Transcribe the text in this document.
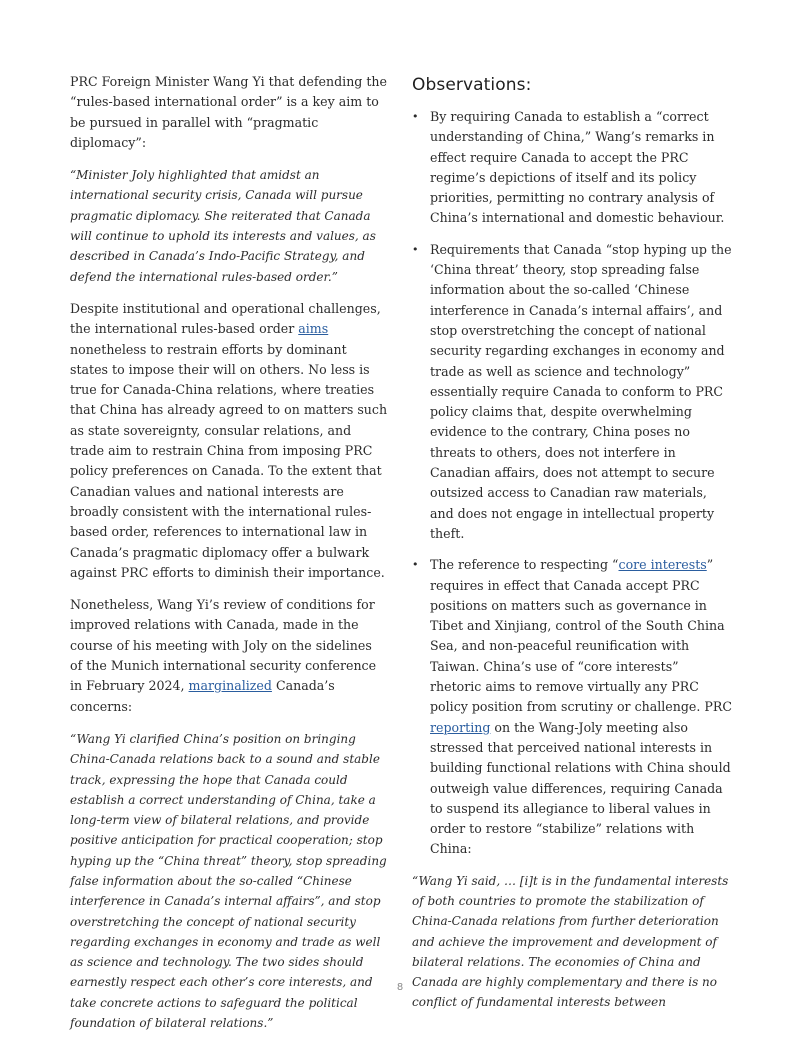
PRC Foreign Minister Wang Yi that defending the “rules-based international order” is a key aim to be pursued in parallel with “pragmatic diplomacy”:

“Minister Joly highlighted that amidst an international security crisis, Canada will pursue pragmatic diplomacy. She reiterated that Canada will continue to uphold its interests and values, as described in Canada’s Indo-Pacific Strategy, and defend the international rules-based order.”

Despite institutional and operational challenges, the international rules-based order aims nonetheless to restrain efforts by dominant states to impose their will on others. No less is true for Canada-China relations, where treaties that China has already agreed to on matters such as state sovereignty, consular relations, and trade aim to restrain China from imposing PRC policy preferences on Canada. To the extent that Canadian values and national interests are broadly consistent with the international rules-based order, references to international law in Canada’s pragmatic diplomacy offer a bulwark against PRC efforts to diminish their importance.

Nonetheless, Wang Yi’s review of conditions for improved relations with Canada, made in the course of his meeting with Joly on the sidelines of the Munich international security conference in February 2024, marginalized Canada’s concerns:

“Wang Yi clarified China’s position on bringing China-Canada relations back to a sound and stable track, expressing the hope that Canada could establish a correct understanding of China, take a long-term view of bilateral relations, and provide positive anticipation for practical cooperation; stop hyping up the “China threat” theory, stop spreading false information about the so-called “Chinese interference in Canada’s internal affairs”, and stop overstretching the concept of national security regarding exchanges in economy and trade as well as science and technology. The two sides should earnestly respect each other’s core interests, and take concrete actions to safeguard the political foundation of bilateral relations.”

Observations:
• By requiring Canada to establish a “correct understanding of China,” Wang’s remarks in effect require Canada to accept the PRC regime’s depictions of itself and its policy priorities, permitting no contrary analysis of China’s international and domestic behaviour.
• Requirements that Canada “stop hyping up the ‘China threat’ theory, stop spreading false information about the so-called ‘Chinese interference in Canada’s internal affairs’, and stop overstretching the concept of national security regarding exchanges in economy and trade as well as science and technology” essentially require Canada to conform to PRC policy claims that, despite overwhelming evidence to the contrary, China poses no threats to others, does not interfere in Canadian affairs, does not attempt to secure outsized access to Canadian raw materials, and does not engage in intellectual property theft.
• The reference to respecting “core interests” requires in effect that Canada accept PRC positions on matters such as governance in Tibet and Xinjiang, control of the South China Sea, and non-peaceful reunification with Taiwan. China’s use of “core interests” rhetoric aims to remove virtually any PRC policy position from scrutiny or challenge. PRC reporting on the Wang-Joly meeting also stressed that perceived national interests in building functional relations with China should outweigh value differences, requiring Canada to suspend its allegiance to liberal values in order to restore “stabilize” relations with China:

“Wang Yi said, … [i]t is in the fundamental interests of both countries to promote the stabilization of China-Canada relations from further deterioration and achieve the improvement and development of bilateral relations. The economies of China and Canada are highly complementary and there is no conflict of fundamental interests between

8
